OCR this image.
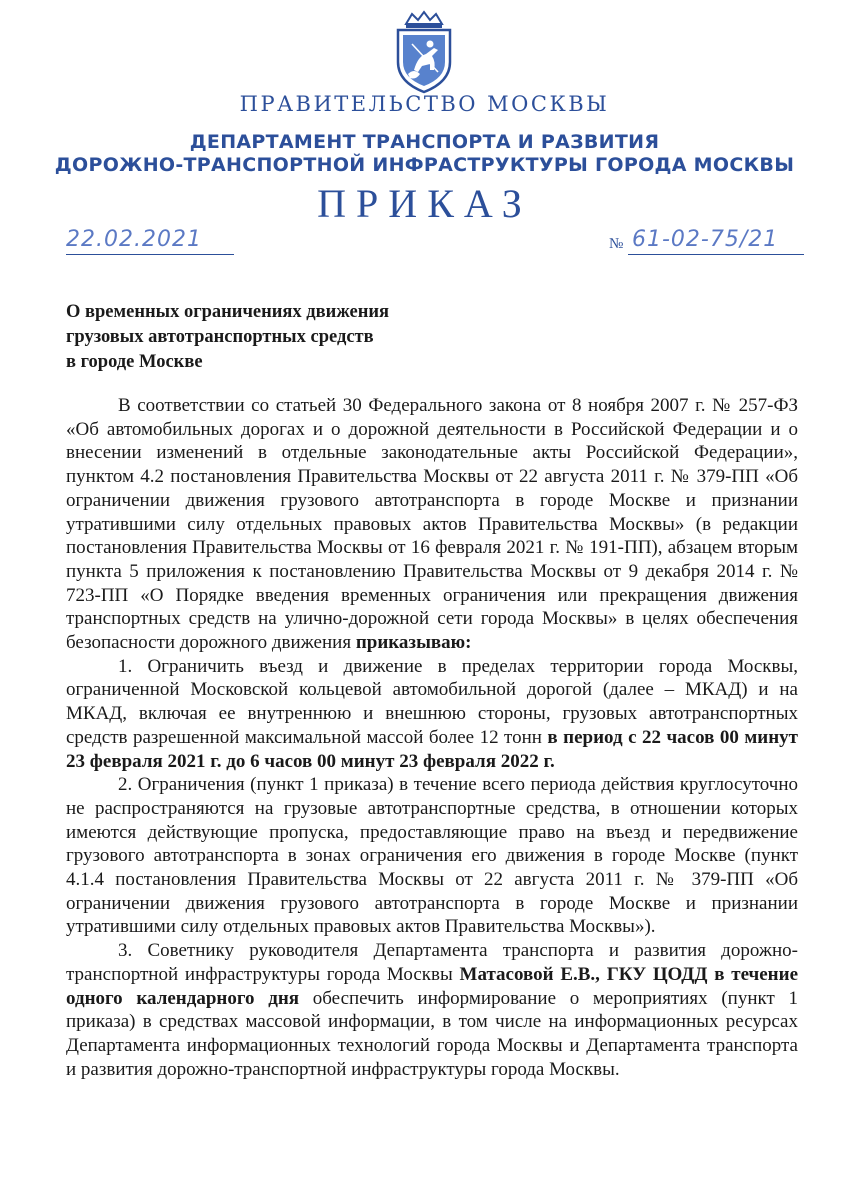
ПРАВИТЕЛЬСТВО МОСКВЫ
ДЕПАРТАМЕНТ ТРАНСПОРТА И РАЗВИТИЯ
ДОРОЖНО-ТРАНСПОРТНОЙ ИНФРАСТРУКТУРЫ ГОРОДА МОСКВЫ
ПРИКАЗ
22.02.2021	№ 61-02-75/21
О временных ограничениях движения
грузовых автотранспортных средств
в городе Москве

В соответствии со статьей 30 Федерального закона от 8 ноября 2007 г. № 257-ФЗ «Об автомобильных дорогах и о дорожной деятельности в Российской Федерации и о внесении изменений в отдельные законодательные акты Российской Федерации», пунктом 4.2 постановления Правительства Москвы от 22 августа 2011 г. № 379-ПП «Об ограничении движения грузового автотранспорта в городе Москве и признании утратившими силу отдельных правовых актов Правительства Москвы» (в редакции постановления Правительства Москвы от 16 февраля 2021 г. № 191-ПП), абзацем вторым пункта 5 приложения к постановлению Правительства Москвы от 9 декабря 2014 г. № 723-ПП «О Порядке введения временных ограничения или прекращения движения транспортных средств на улично-дорожной сети города Москвы» в целях обеспечения безопасности дорожного движения приказываю:

1. Ограничить въезд и движение в пределах территории города Москвы, ограниченной Московской кольцевой автомобильной дорогой (далее – МКАД) и на МКАД, включая ее внутреннюю и внешнюю стороны, грузовых автотранспортных средств разрешенной максимальной массой более 12 тонн в период с 22 часов 00 минут 23 февраля 2021 г. до 6 часов 00 минут 23 февраля 2022 г.

2. Ограничения (пункт 1 приказа) в течение всего периода действия круглосуточно не распространяются на грузовые автотранспортные средства, в отношении которых имеются действующие пропуска, предоставляющие право на въезд и передвижение грузового автотранспорта в зонах ограничения его движения в городе Москве (пункт 4.1.4 постановления Правительства Москвы от 22 августа 2011 г. № 379-ПП «Об ограничении движения грузового автотранспорта в городе Москве и признании утратившими силу отдельных правовых актов Правительства Москвы»).

3. Советнику руководителя Департамента транспорта и развития дорожно-транспортной инфраструктуры города Москвы Матасовой Е.В., ГКУ ЦОДД в течение одного календарного дня обеспечить информирование о мероприятиях (пункт 1 приказа) в средствах массовой информации, в том числе на информационных ресурсах Департамента информационных технологий города Москвы и Департамента транспорта и развития дорожно-транспортной инфраструктуры города Москвы.
